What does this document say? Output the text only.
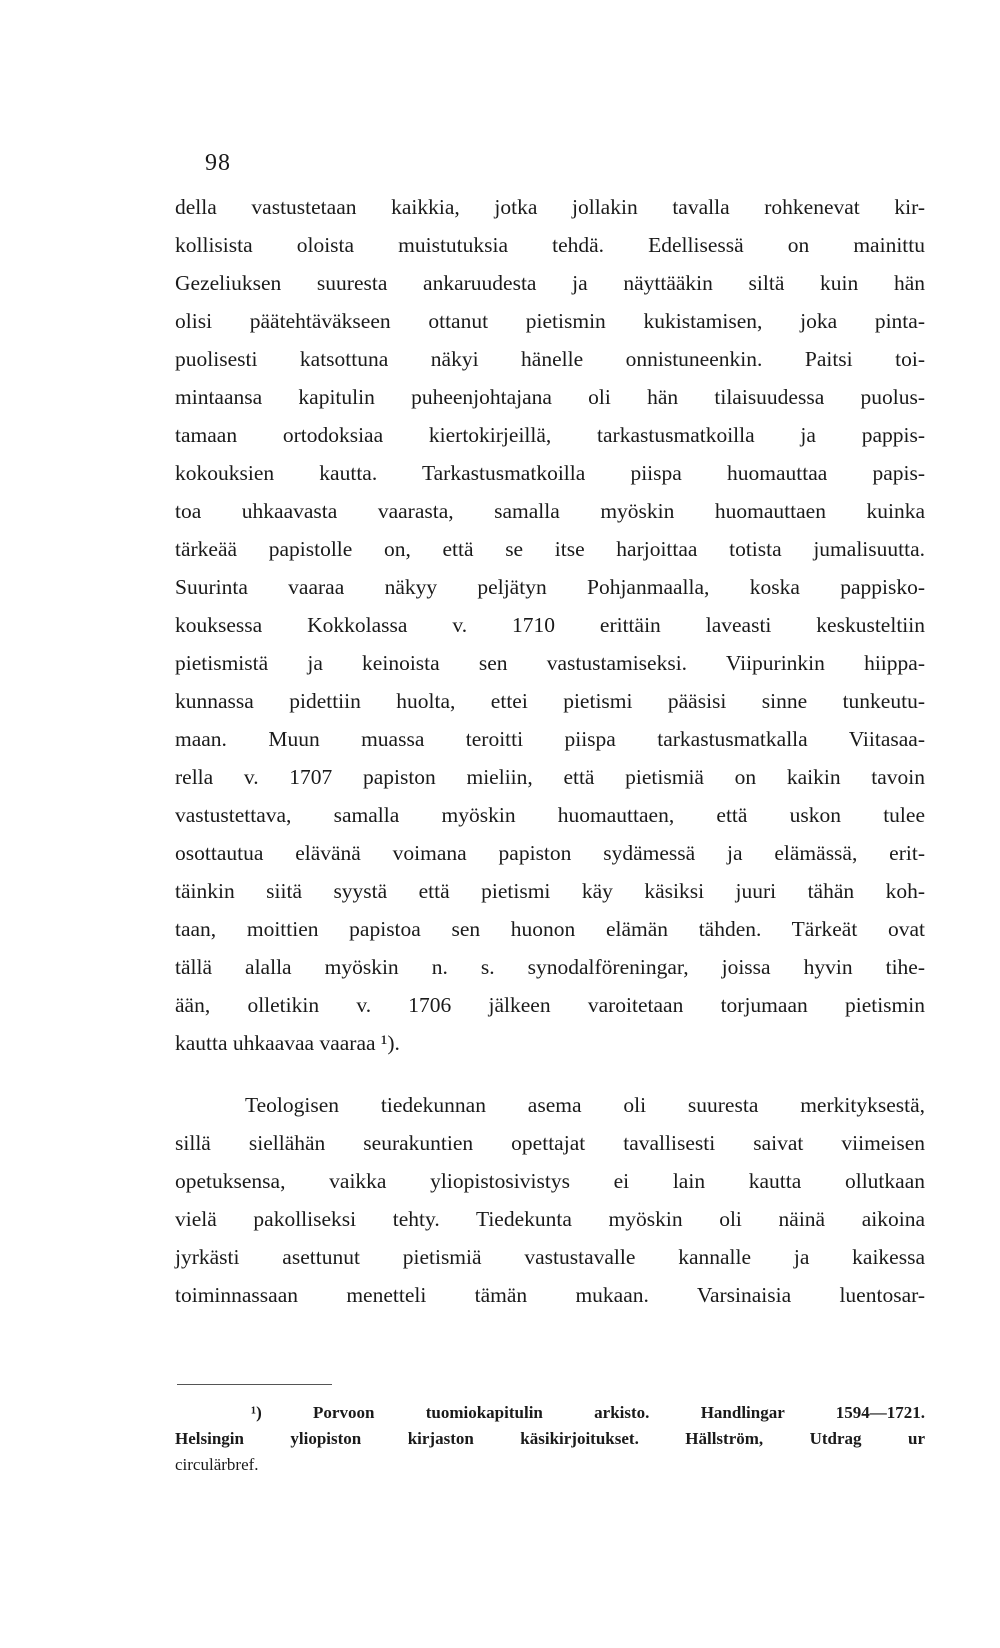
98
della vastustetaan kaikkia, jotka jollakin tavalla rohkenevat kir-
kollisista oloista muistutuksia tehdä. Edellisessä on mainittu
Gezeliuksen suuresta ankaruudesta ja näyttääkin siltä kuin hän
olisi päätehtäväkseen ottanut pietismin kukistamisen, joka pinta-
puolisesti katsottuna näkyi hänelle onnistuneenkin. Paitsi toi-
mintaansa kapitulin puheenjohtajana oli hän tilaisuudessa puolus-
tamaan ortodoksiaa kiertokirjeillä, tarkastusmatkoilla ja pappis-
kokouksien kautta. Tarkastusmatkoilla piispa huomauttaa papis-
toa uhkaavasta vaarasta, samalla myöskin huomauttaen kuinka
tärkeää papistolle on, että se itse harjoittaa totista jumalisuutta.
Suurinta vaaraa näkyy peljätyn Pohjanmaalla, koska pappisko-
kouksessa Kokkolassa v. 1710 erittäin laveasti keskusteltiin
pietismistä ja keinoista sen vastustamiseksi. Viipurinkin hiippa-
kunnassa pidettiin huolta, ettei pietismi pääsisi sinne tunkeutu-
maan. Muun muassa teroitti piispa tarkastusmatkalla Viitasaa-
rella v. 1707 papiston mieliin, että pietismiä on kaikin tavoin
vastustettava, samalla myöskin huomauttaen, että uskon tulee
osottautua elävänä voimana papiston sydämessä ja elämässä, erit-
täinkin siitä syystä että pietismi käy käsiksi juuri tähän koh-
taan, moittien papistoa sen huonon elämän tähden. Tärkeät ovat
tällä alalla myöskin n. s. synodalföreningar, joissa hyvin tihe-
ään, olletikin v. 1706 jälkeen varoitetaan torjumaan pietismin
kautta uhkaavaa vaaraa ¹).
Teologisen tiedekunnan asema oli suuresta merkityksestä,
sillä siellähän seurakuntien opettajat tavallisesti saivat viimeisen
opetuksensa, vaikka yliopistosivistys ei lain kautta ollutkaan
vielä pakolliseksi tehty. Tiedekunta myöskin oli näinä aikoina
jyrkästi asettunut pietismiä vastustavalle kannalle ja kaikessa
toiminnassaan menetteli tämän mukaan. Varsinaisia luentosar-
¹) Porvoon tuomiokapitulin arkisto. Handlingar 1594—1721.
Helsingin yliopiston kirjaston käsikirjoitukset. Hällström, Utdrag ur
circulärbref.
